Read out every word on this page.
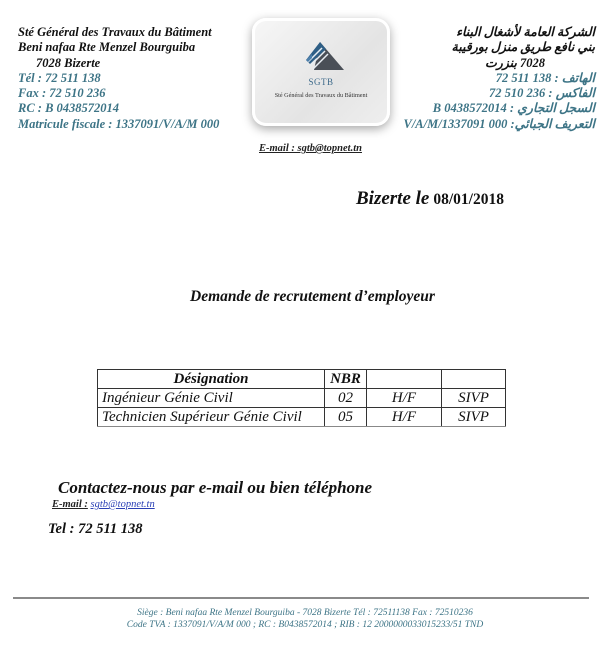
Sté Général des Travaux du Bâtiment
Beni nafaa Rte Menzel Bourguiba
7028 Bizerte
Tél : 72 511 138
Fax : 72 510 236
RC : B 0438572014
Matricule fiscale : 1337091/V/A/M 000
SGTB
Sté Général des Travaux du Bâtiment
الشركة العامة لأشغال البناء
بني نافع طريق منزل بورقيبة
7028 بنزرت
الهاتف : 138 511 72
الفاكس : 236 510 72
السجل التجاري : B 0438572014
التعريف الجبائي: 000 1337091/V/A/M
E-mail : sgtb@topnet.tn
Bizerte le 08/01/2018
Demande de recrutement d’employeur
Désignation	NBR		
Ingénieur Génie Civil	02	H/F	SIVP
Technicien Supérieur Génie Civil	05	H/F	SIVP
Contactez-nous par e-mail ou bien téléphone
E-mail : sgtb@topnet.tn
Tel : 72 511 138
Siège : Beni nafaa Rte Menzel Bourguiba - 7028 Bizerte Tél : 72511138 Fax : 72510236
Code TVA : 1337091/V/A/M 000 ; RC : B0438572014 ; RIB : 12 2000000033015233/51 TND
